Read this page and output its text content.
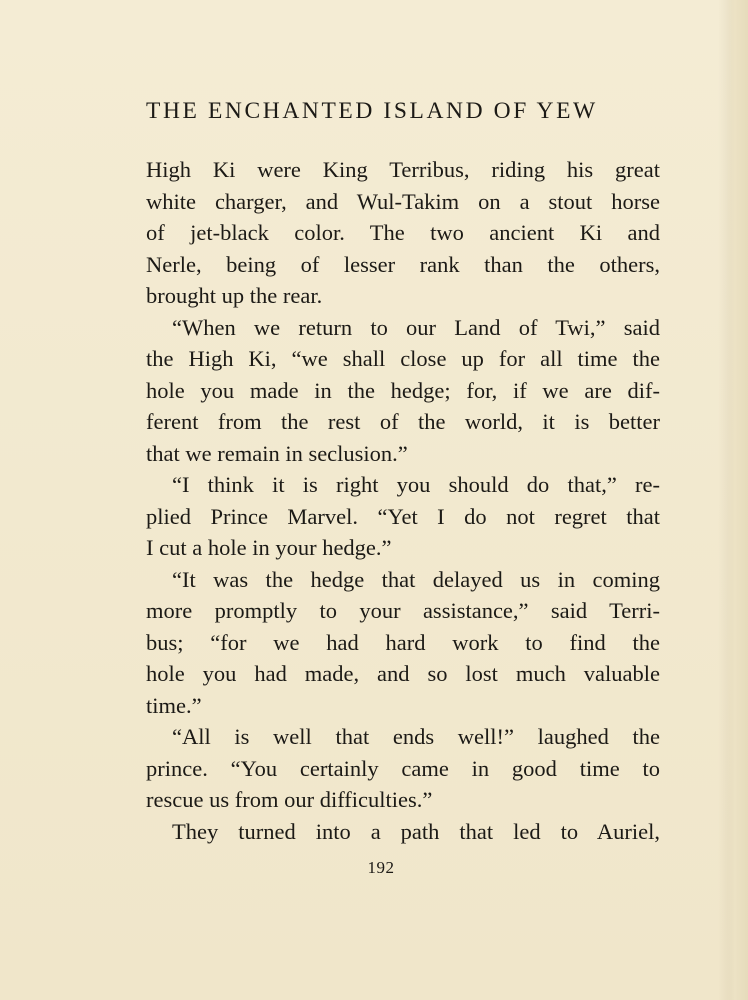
THE ENCHANTED ISLAND OF YEW
High Ki were King Terribus, riding his great
white charger, and Wul-Takim on a stout horse
of jet-black color. The two ancient Ki and
Nerle, being of lesser rank than the others,
brought up the rear.
“When we return to our Land of Twi,” said
the High Ki, “we shall close up for all time the
hole you made in the hedge; for, if we are dif-
ferent from the rest of the world, it is better
that we remain in seclusion.”
“I think it is right you should do that,” re-
plied Prince Marvel. “Yet I do not regret that
I cut a hole in your hedge.”
“It was the hedge that delayed us in coming
more promptly to your assistance,” said Terri-
bus; “for we had hard work to find the
hole you had made, and so lost much valuable
time.”
“All is well that ends well!” laughed the
prince. “You certainly came in good time to
rescue us from our difficulties.”
They turned into a path that led to Auriel,
192
